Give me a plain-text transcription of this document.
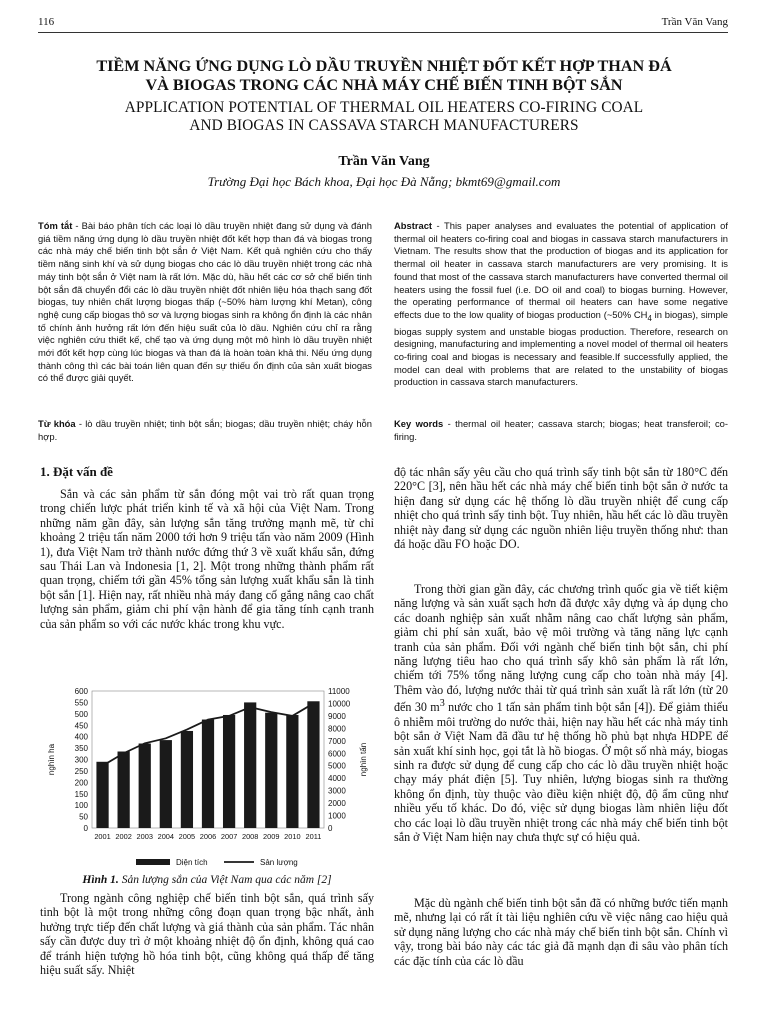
116	Trần Văn Vang
TIỀM NĂNG ỨNG DỤNG LÒ DẦU TRUYỀN NHIỆT ĐỐT KẾT HỢP THAN ĐÁ
VÀ BIOGAS TRONG CÁC NHÀ MÁY CHẾ BIẾN TINH BỘT SẮN
APPLICATION POTENTIAL OF THERMAL OIL HEATERS CO-FIRING COAL
AND BIOGAS IN CASSAVA STARCH MANUFACTURERS
Trần Văn Vang
Trường Đại học Bách khoa, Đại học Đà Nẵng; bkmt69@gmail.com
Tóm tắt - Bài báo phân tích các loại lò dầu truyền nhiệt đang sử dụng và đánh giá tiềm năng ứng dụng lò dầu truyền nhiệt đốt kết hợp than đá và biogas trong các nhà máy chế biến tinh bột sắn ở Việt Nam. Kết quả nghiên cứu cho thấy tiềm năng sinh khí và sử dụng biogas cho các lò dầu truyền nhiệt trong các nhà máy tinh bột sắn ở Việt nam là rất lớn. Mặc dù, hầu hết các cơ sở chế biến tinh bột sắn đã chuyển đổi các lò dầu truyền nhiệt đốt nhiên liệu hóa thạch sang đốt biogas, tuy nhiên chất lượng biogas thấp (~50% hàm lượng khí Metan), công nghệ cung cấp biogas thô sơ và lượng biogas sinh ra không ổn định là các nhân tố chính ảnh hưởng rất lớn đến hiệu suất của lò dầu. Nghiên cứu chỉ ra rằng việc nghiên cứu thiết kế, chế tạo và ứng dụng một mô hình lò dầu truyền nhiệt mới đốt kết hợp cùng lúc biogas và than đá là hoàn toàn khả thi. Nếu ứng dụng thành công thì các bài toán liên quan đến sự thiếu ổn định của sản xuất biogas có thể được giải quyết.
Abstract - This paper analyses and evaluates the potential of application of thermal oil heaters co-firing coal and biogas in cassava starch manufacturers in Vietnam. The results show that the production of biogas and its application for thermal oil heater in cassava starch manufacturers are very promising. It is found that most of the cassava starch manufacturers have converted thermal oil heaters using the fossil fuel (i.e. DO oil and coal) to biogas burning. However, the operating performance of thermal oil heaters can have some negative effects due to the low quality of biogas production (~50% $CH_4$ in biogas), simple biogas supply system and unstable biogas production. Therefore, research on designing, manufacturing and implementing a novel model of thermal oil heaters co-firing coal and biogas is necessary and feasible.If successfully applied, the model can deal with problems that are related to the unstability of biogas production in cassava starch manufacturers.
Từ khóa - lò dầu truyền nhiệt; tinh bột sắn; biogas; dầu truyền nhiệt; cháy hỗn hợp.
Key words - thermal oil heater; cassava starch; biogas; heat transferoil; co-firing.
1. Đặt vấn đề
Sắn và các sản phẩm từ sắn đóng một vai trò rất quan trọng trong chiến lược phát triển kinh tế và xã hội của Việt Nam. Trong những năm gần đây, sản lượng sắn tăng trưởng mạnh mẽ, từ chỉ khoảng 2 triệu tấn năm 2000 tới hơn 9 triệu tấn vào năm 2009 (Hình 1), đưa Việt Nam trở thành nước đứng thứ 3 về xuất khẩu sắn, đứng sau Thái Lan và Indonesia [1, 2]. Một trong những thành phẩm rất quan trọng, chiếm tới gần 45% tổng sản lượng xuất khẩu sắn là tinh bột sắn [1]. Hiện nay, rất nhiều nhà máy đang cố gắng nâng cao chất lượng sản phẩm, giảm chi phí vận hành để gia tăng tính cạnh tranh của sản phẩm so với các nước khác trong khu vực.
0
50
100
150
200
250
300
350
400
450
500
550
600
0
1000
2000
3000
4000
5000
6000
7000
8000
9000
10000
11000
nghìn ha	nghìn tấn
2001 2002 2003 2004 2005 2006 2007 2008 2009 2010 2011
Diện tích	Sản lượng
Hình 1. Sản lượng sắn của Việt Nam qua các năm [2]
Trong ngành công nghiệp chế biến tinh bột sắn, quá trình sấy tinh bột là một trong những công đoạn quan trọng bậc nhất, ảnh hưởng trực tiếp đến chất lượng và giá thành của sản phẩm. Tác nhân sấy cần được duy trì ở một khoảng nhiệt độ ổn định, không quá cao để tránh hiện tượng hồ hóa tinh bột, cũng không quá thấp để tăng hiệu suất sấy. Nhiệt
độ tác nhân sấy yêu cầu cho quá trình sấy tinh bột sắn từ 180°C đến 220°C [3], nên hầu hết các nhà máy chế biến tinh bột sắn ở nước ta hiện đang sử dụng các hệ thống lò dầu truyền nhiệt để cung cấp nhiệt cho quá trình sấy tinh bột. Tuy nhiên, hầu hết các lò dầu truyền nhiệt này đang sử dụng các nguồn nhiên liệu truyền thống như: than đá hoặc dầu FO hoặc DO.
Trong thời gian gần đây, các chương trình quốc gia về tiết kiệm năng lượng và sản xuất sạch hơn đã được xây dựng và áp dụng cho các doanh nghiệp sản xuất nhằm nâng cao chất lượng sản phẩm, giảm chi phí sản xuất, bảo vệ môi trường và tăng năng lực cạnh tranh của sản phẩm. Đối với ngành chế biến tinh bột sắn, chi phí năng lượng tiêu hao cho quá trình sấy khô sản phẩm là rất lớn, chiếm tới 75% tổng năng lượng cung cấp cho toàn nhà máy [4]. Thêm vào đó, lượng nước thải từ quá trình sản xuất là rất lớn (từ 20 đến 30 $m^3$ nước cho 1 tấn sản phẩm tinh bột sắn [4]). Để giảm thiểu ô nhiễm môi trường do nước thải, hiện nay hầu hết các nhà máy tinh bột sắn ở Việt Nam đã đầu tư hệ thống hồ phủ bạt nhựa HDPE để sản xuất khí sinh học, gọi tắt là hồ biogas. Ở một số nhà máy, biogas sinh ra được sử dụng để cung cấp cho các lò dầu truyền nhiệt hoặc chạy máy phát điện [5]. Tuy nhiên, lượng biogas sinh ra thường không ổn định, tùy thuộc vào điều kiện nhiệt độ, độ ẩm cũng như nhiều yếu tố khác. Do đó, việc sử dụng biogas làm nhiên liệu đốt cho các loại lò dầu truyền nhiệt trong các nhà máy chế biến tinh bột sắn ở Việt Nam hiện nay chưa thực sự có hiệu quả.
Mặc dù ngành chế biến tinh bột sắn đã có những bước tiến mạnh mẽ, nhưng lại có rất ít tài liệu nghiên cứu về việc nâng cao hiệu quả sử dụng năng lượng cho các nhà máy chế biến tinh bột sắn. Chính vì vậy, trong bài báo này các tác giả đã mạnh dạn đi sâu vào phân tích các đặc tính của các lò dầu
